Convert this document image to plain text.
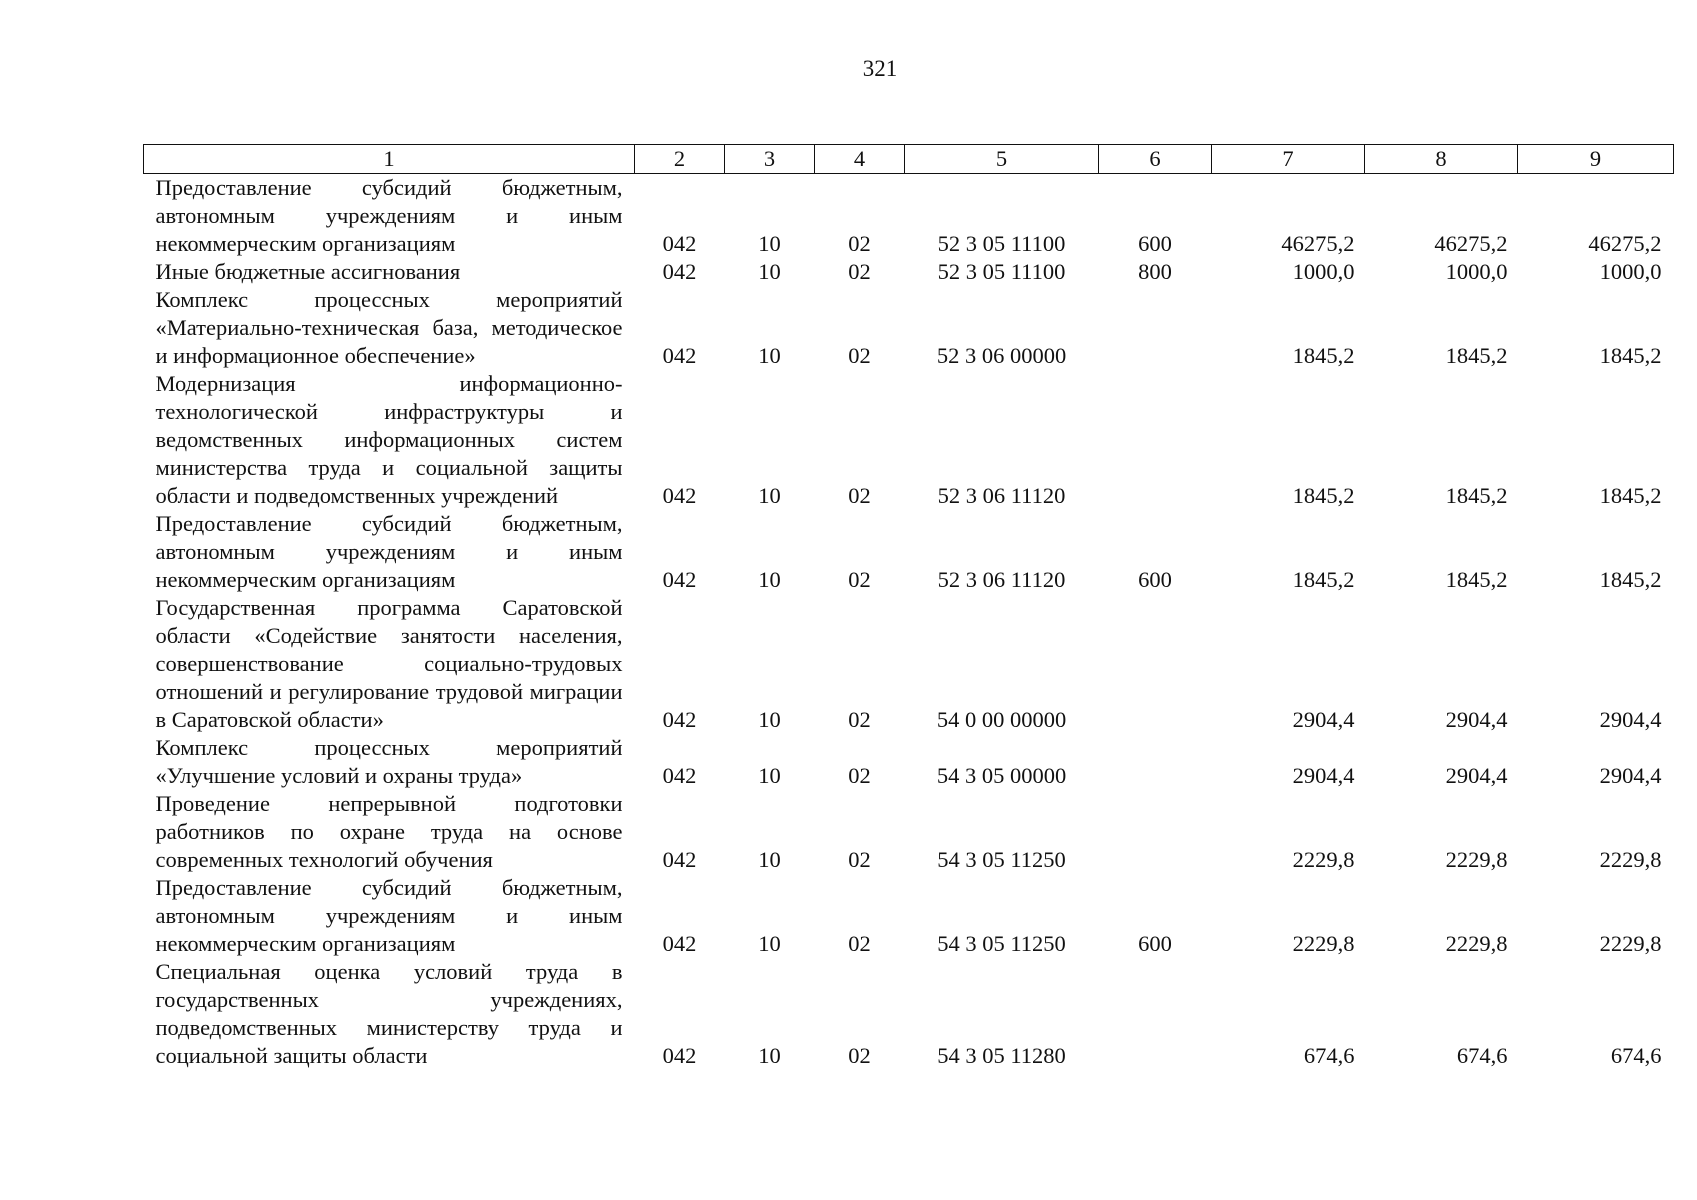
321
1	2	3	4	5	6	7	8	9
Предоставление субсидий бюджетным, автономным учреждениям и иным некоммерческим организациям	042	10	02	52 3 05 11100	600	46275,2	46275,2	46275,2
Иные бюджетные ассигнования	042	10	02	52 3 05 11100	800	1000,0	1000,0	1000,0
Комплекс процессных мероприятий «Материально-техническая база, методическое и информационное обеспечение»	042	10	02	52 3 06 00000		1845,2	1845,2	1845,2
Модернизация информационно-технологической инфраструктуры и ведомственных информационных систем министерства труда и социальной защиты области и подведомственных учреждений	042	10	02	52 3 06 11120		1845,2	1845,2	1845,2
Предоставление субсидий бюджетным, автономным учреждениям и иным некоммерческим организациям	042	10	02	52 3 06 11120	600	1845,2	1845,2	1845,2
Государственная программа Саратовской области «Содействие занятости населения, совершенствование социально-трудовых отношений и регулирование трудовой миграции в Саратовской области»	042	10	02	54 0 00 00000		2904,4	2904,4	2904,4
Комплекс процессных мероприятий «Улучшение условий и охраны труда»	042	10	02	54 3 05 00000		2904,4	2904,4	2904,4
Проведение непрерывной подготовки работников по охране труда на основе современных технологий обучения	042	10	02	54 3 05 11250		2229,8	2229,8	2229,8
Предоставление субсидий бюджетным, автономным учреждениям и иным некоммерческим организациям	042	10	02	54 3 05 11250	600	2229,8	2229,8	2229,8
Специальная оценка условий труда в государственных учреждениях, подведомственных министерству труда и социальной защиты области	042	10	02	54 3 05 11280		674,6	674,6	674,6
